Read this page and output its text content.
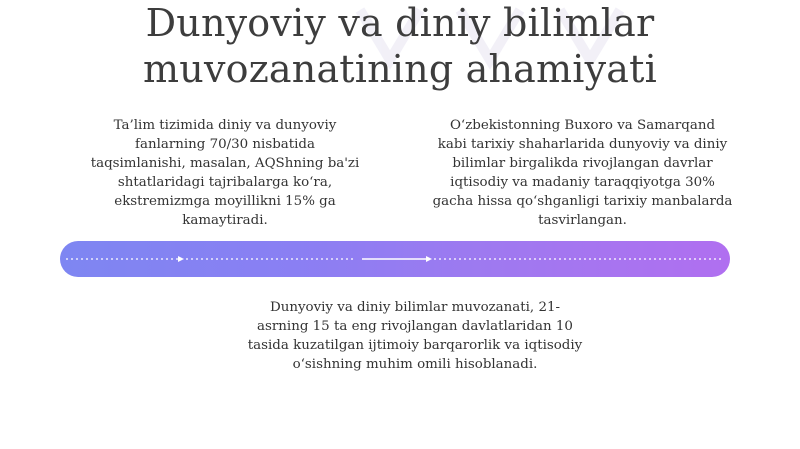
Dunyoviy va diniy bilimlar
muvozanatining ahamiyati
Ta’lim tizimida diniy va dunyoviy
fanlarning 70/30 nisbatida
taqsimlanishi, masalan, AQShning ba'zi
shtatlaridagi tajribalarga ko‘ra,
ekstremizmga moyillikni 15% ga
kamaytiradi.
O‘zbekistonning Buxoro va Samarqand
kabi tarixiy shaharlarida dunyoviy va diniy
bilimlar birgalikda rivojlangan davrlar
iqtisodiy va madaniy taraqqiyotga 30%
gacha hissa qo‘shganligi tarixiy manbalarda
tasvirlangan.
Dunyoviy va diniy bilimlar muvozanati, 21-
asrning 15 ta eng rivojlangan davlatlaridan 10
tasida kuzatilgan ijtimoiy barqarorlik va iqtisodiy
o‘sishning muhim omili hisoblanadi.
